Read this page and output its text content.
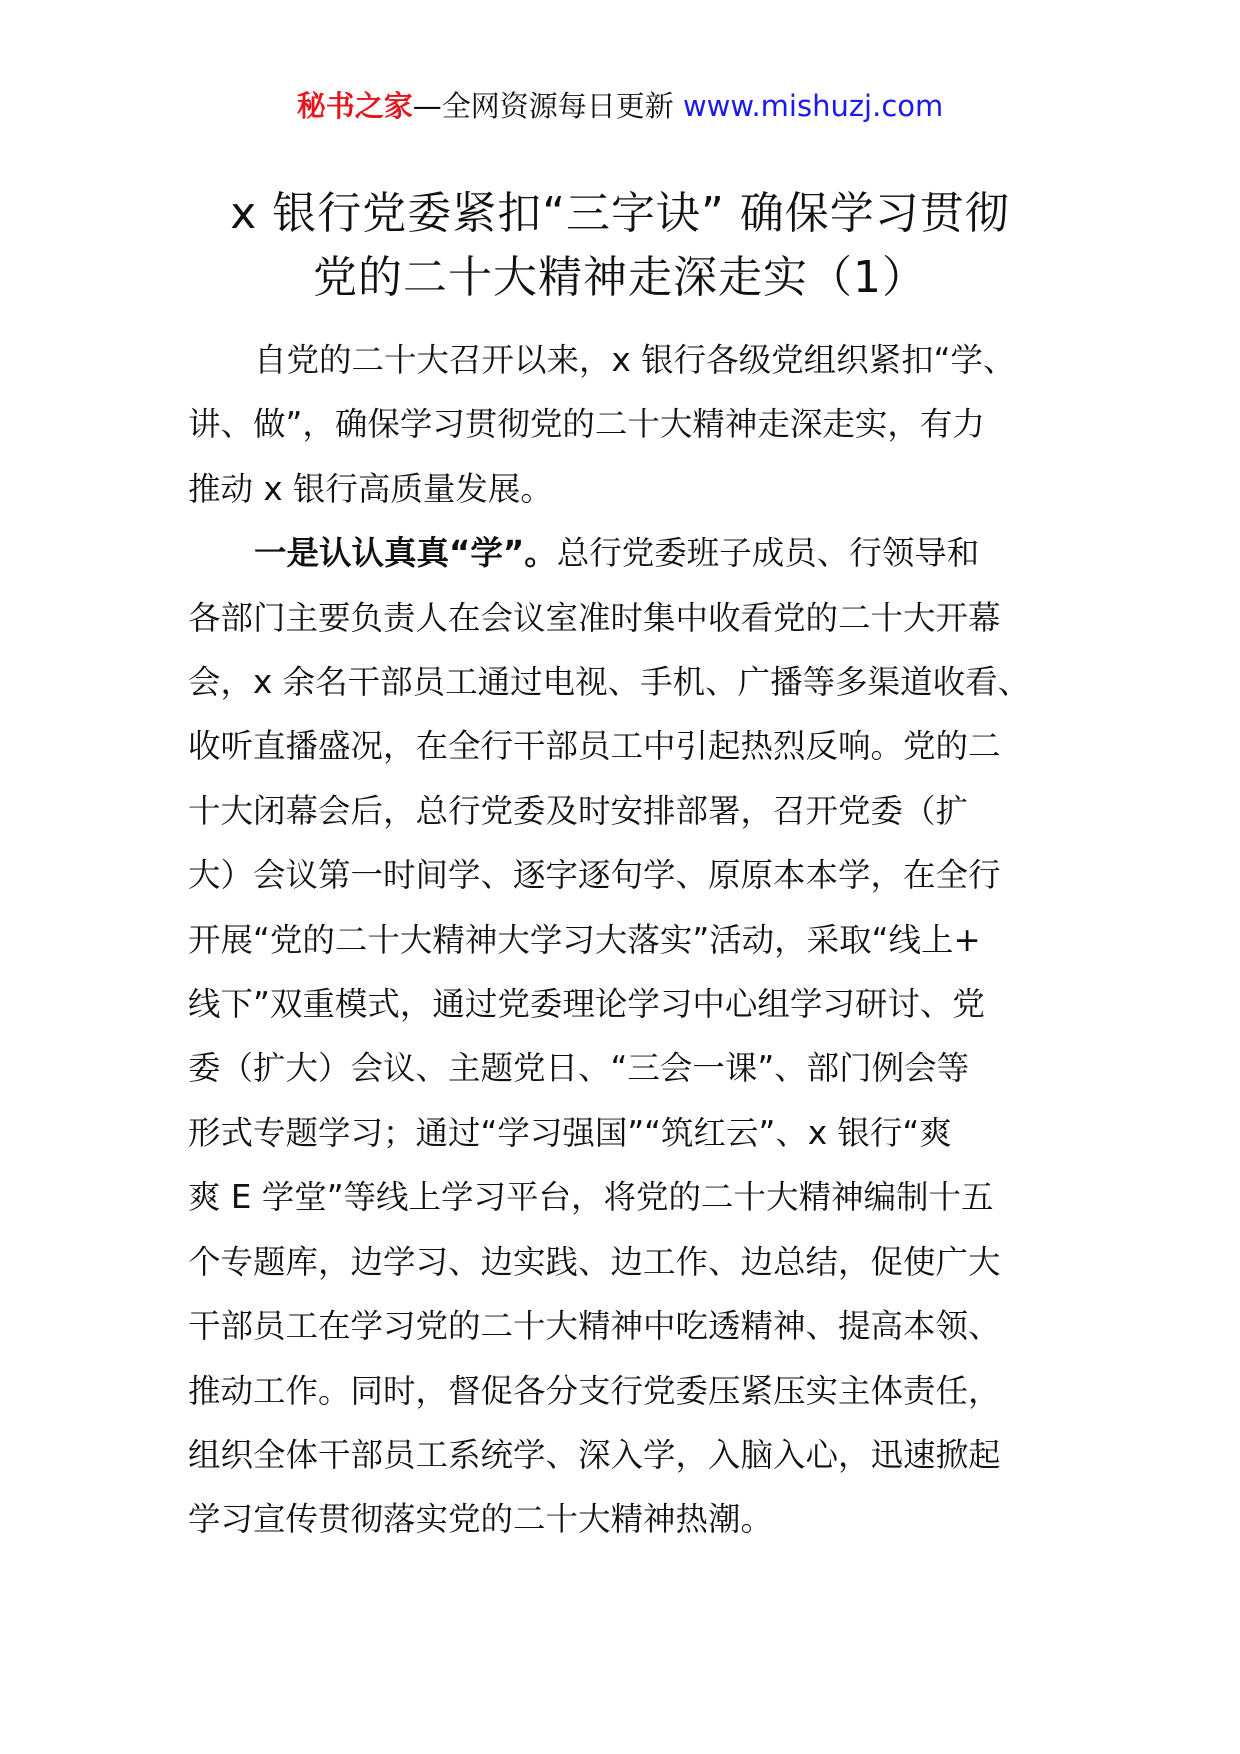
秘书之家—全网资源每日更新 www.mishuzj.com
x 银行党委紧扣“三字诀” 确保学习贯彻
党的二十大精神走深走实（1）

自党的二十大召开以来，x 银行各级党组织紧扣“学、
讲、做”，确保学习贯彻党的二十大精神走深走实，有力
推动 x 银行高质量发展。

一是认认真真“学”。总行党委班子成员、行领导和
各部门主要负责人在会议室准时集中收看党的二十大开幕
会，x 余名干部员工通过电视、手机、广播等多渠道收看、
收听直播盛况，在全行干部员工中引起热烈反响。党的二
十大闭幕会后，总行党委及时安排部署，召开党委（扩
大）会议第一时间学、逐字逐句学、原原本本学，在全行
开展“党的二十大精神大学习大落实”活动，采取“线上+
线下”双重模式，通过党委理论学习中心组学习研讨、党
委（扩大）会议、主题党日、“三会一课”、部门例会等
形式专题学习；通过“学习强国”“筑红云”、x 银行“爽
爽 E 学堂”等线上学习平台，将党的二十大精神编制十五
个专题库，边学习、边实践、边工作、边总结，促使广大
干部员工在学习党的二十大精神中吃透精神、提高本领、
推动工作。同时，督促各分支行党委压紧压实主体责任，
组织全体干部员工系统学、深入学，入脑入心，迅速掀起
学习宣传贯彻落实党的二十大精神热潮。
